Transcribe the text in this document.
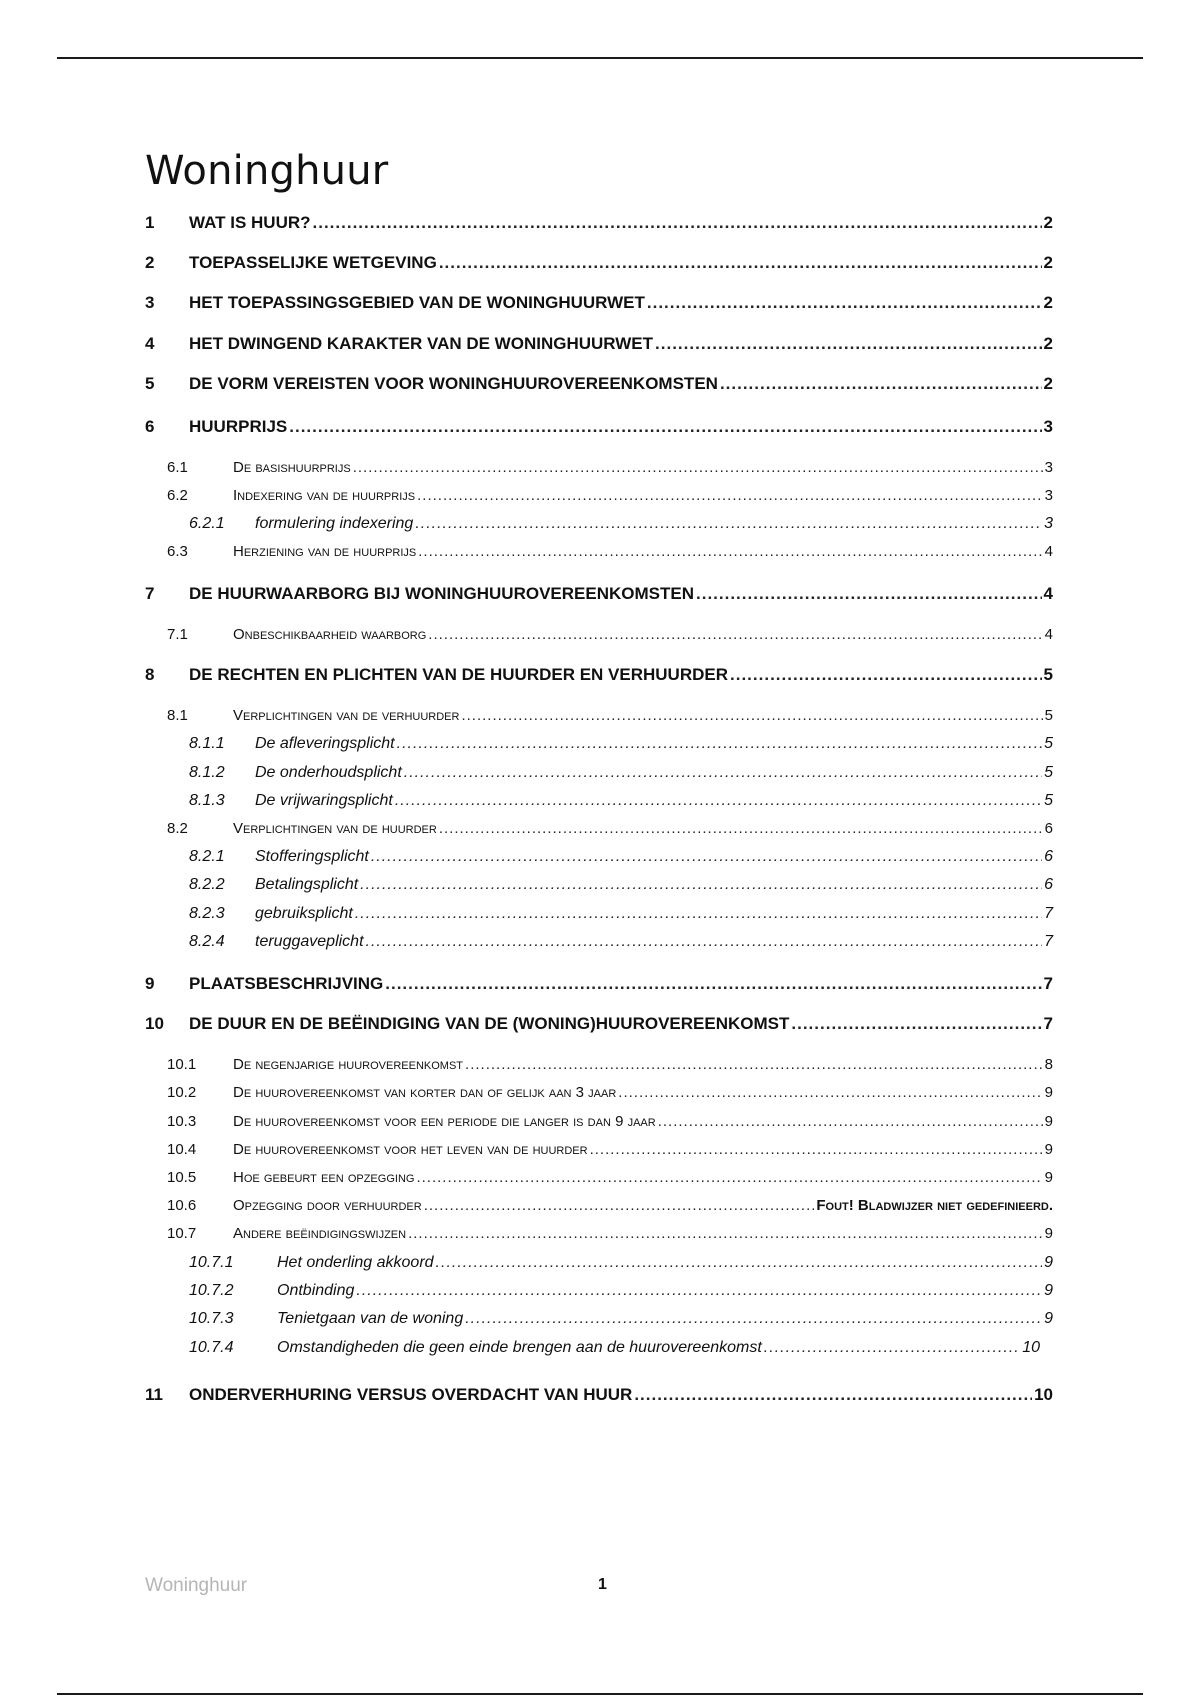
Woninghuur
1	WAT IS HUUR? .....	2
2	TOEPASSELIJKE WETGEVING .....	2
3	HET TOEPASSINGSGEBIED VAN DE WONINGHUURWET .....	2
4	HET DWINGEND KARAKTER VAN DE WONINGHUURWET .....	2
5	DE VORM VEREISTEN VOOR WONINGHUUROVEREENKOMSTEN .....	2
6	HUURPRIJS .....	3
6.1	De basishuurprijs .....	3
6.2	Indexering van de huurprijs .....	3
6.2.1	formulering indexering .....	3
6.3	Herziening van de huurprijs .....	4
7	DE HUURWAARBORG BIJ WONINGHUUROVEREENKOMSTEN .....	4
7.1	Onbeschikbaarheid waarborg .....	4
8	DE RECHTEN EN PLICHTEN VAN DE HUURDER EN VERHUURDER .....	5
8.1	Verplichtingen van de verhuurder .....	5
8.1.1	De afleveringsplicht .....	5
8.1.2	De onderhoudsplicht .....	5
8.1.3	De vrijwaringsplicht .....	5
8.2	Verplichtingen van de huurder .....	6
8.2.1	Stofferingsplicht .....	6
8.2.2	Betalingsplicht .....	6
8.2.3	gebruiksplicht .....	7
8.2.4	teruggaveplicht .....	7
9	PLAATSBESCHRIJVING .....	7
10	DE DUUR EN DE BEËINDIGING VAN DE (WONING)HUUROVEREENKOMST .....	7
10.1	De negenjarige huurovereenkomst .....	8
10.2	De huurovereenkomst van korter dan of gelijk aan 3 jaar .....	9
10.3	De huurovereenkomst voor een periode die langer is dan 9 jaar .....	9
10.4	De huurovereenkomst voor het leven van de huurder .....	9
10.5	Hoe gebeurt een opzegging .....	9
10.6	Opzegging door verhuurder .....	Fout! Bladwijzer niet gedefinieerd.
10.7	Andere beëindigingswijzen .....	9
10.7.1	Het onderling akkoord .....	9
10.7.2	Ontbinding .....	9
10.7.3	Tenietgaan van de woning .....	9
10.7.4	Omstandigheden die geen einde brengen aan de huurovereenkomst .....	10
11	ONDERVERHURING VERSUS OVERDACHT VAN HUUR .....	10
Woninghuur	1
